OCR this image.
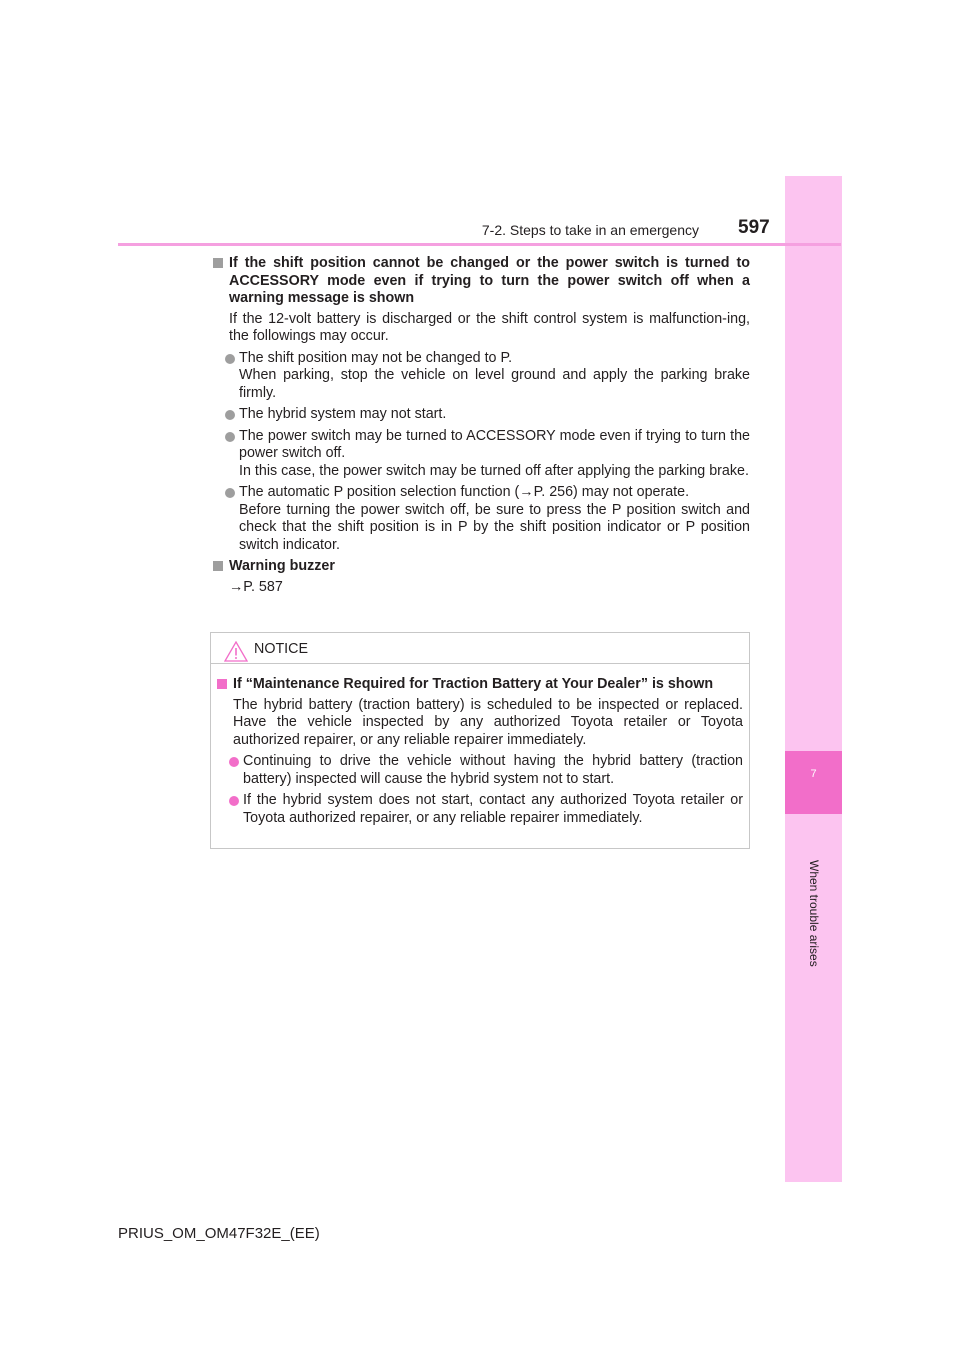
7
When trouble arises
7-2. Steps to take in an emergency 597
If the shift position cannot be changed or the power switch is turned to ACCESSORY mode even if trying to turn the power switch off when a warning message is shown
If the 12-volt battery is discharged or the shift control system is malfunction-ing, the followings may occur.
The shift position may not be changed to P.
When parking, stop the vehicle on level ground and apply the parking brake firmly.
The hybrid system may not start.
The power switch may be turned to ACCESSORY mode even if trying to turn the power switch off.
In this case, the power switch may be turned off after applying the parking brake.
The automatic P position selection function (→P. 256) may not operate.
Before turning the power switch off, be sure to press the P position switch and check that the shift position is in P by the shift position indicator or P position switch indicator.
Warning buzzer
→P. 587
NOTICE
If “Maintenance Required for Traction Battery at Your Dealer” is shown
The hybrid battery (traction battery) is scheduled to be inspected or replaced. Have the vehicle inspected by any authorized Toyota retailer or Toyota authorized repairer, or any reliable repairer immediately.
Continuing to drive the vehicle without having the hybrid battery (traction battery) inspected will cause the hybrid system not to start.
If the hybrid system does not start, contact any authorized Toyota retailer or Toyota authorized repairer, or any reliable repairer immediately.
PRIUS_OM_OM47F32E_(EE)
